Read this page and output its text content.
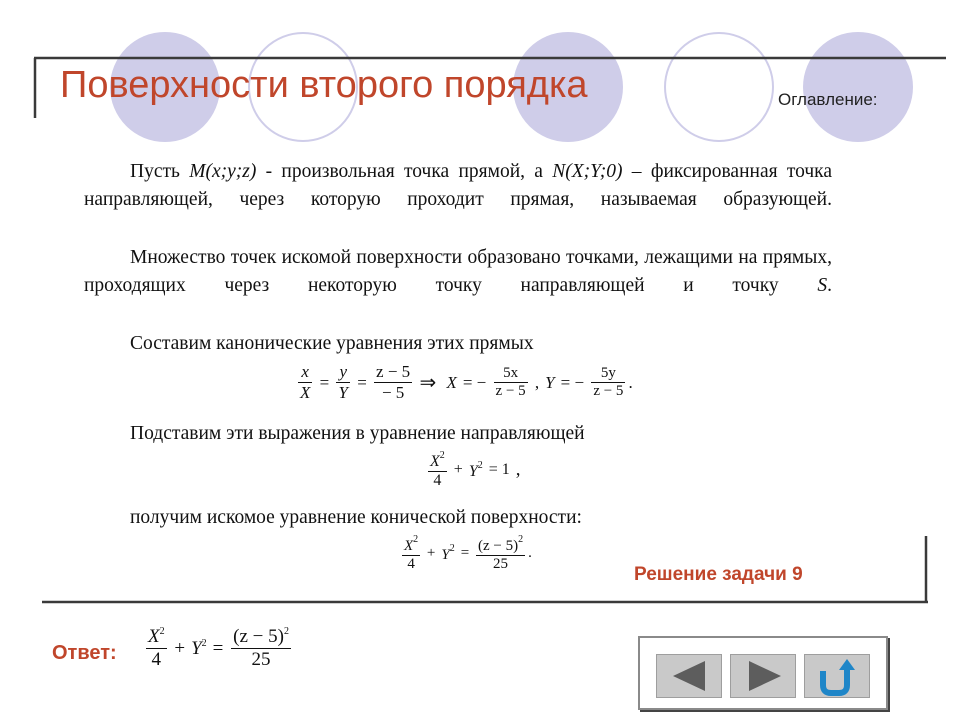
Поверхности второго порядка	Оглавление:

Пусть M(x;y;z) - произвольная точка прямой, а N(X;Y;0) – фиксированная точка направляющей, через которую проходит прямая, называемая образующей.

Множество точек искомой поверхности образовано точками, лежащими на прямых, проходящих через некоторую точку направляющей и точку S.

Составим канонические уравнения этих прямых

$\frac{x}{X} = \frac{y}{Y} = \frac{z - 5}{- 5}$ ⇒ X = − $\frac{5x}{z - 5}$ , Y = − $\frac{5y}{z - 5}$ .

Подставим эти выражения в уравнение направляющей

$\frac{X^2}{4} + Y^2 = 1$ ,

получим искомое уравнение конической поверхности:

$\frac{X^2}{4} + Y^2 = \frac{(z - 5)^2}{25}$ .
Решение задачи 9
Ответ: $\frac{X^2}{4} + Y^2 = \frac{(z - 5)^2}{25}$
